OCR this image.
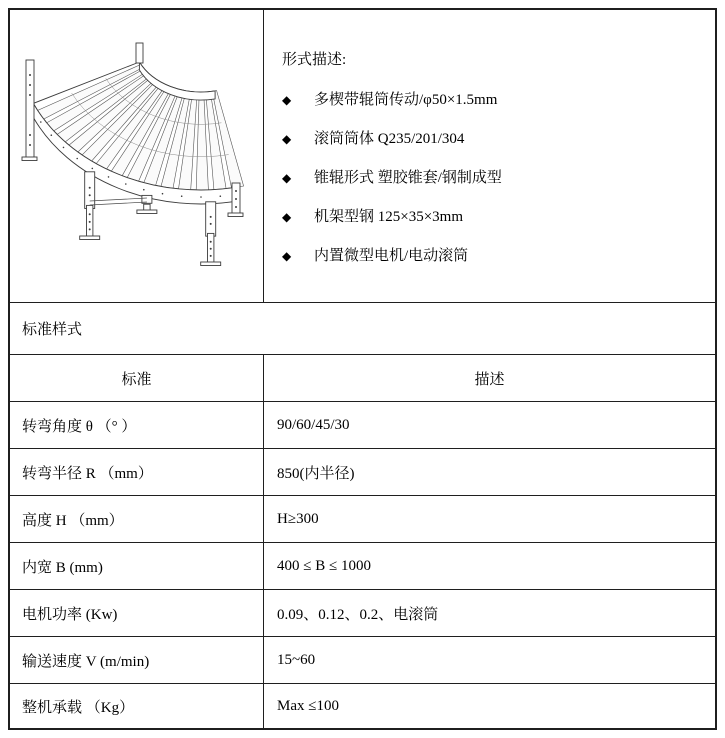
形式描述:
◆	多楔带辊筒传动/φ50×1.5mm
◆	滚筒筒体 Q235/201/304
◆	锥辊形式 塑胶锥套/钢制成型
◆	机架型钢 125×35×3mm
◆	内置微型电机/电动滚筒
标准样式
标准	描述
转弯角度 θ （° ）	90/60/45/30
转弯半径 R （mm）	850(内半径)
高度 H （mm）	H≥300
内宽 B (mm)	400 ≤ B ≤ 1000
电机功率 (Kw)	0.09、0.12、0.2、电滚筒
输送速度 V (m/min)	15~60
整机承载 （Kg）	Max ≤100
